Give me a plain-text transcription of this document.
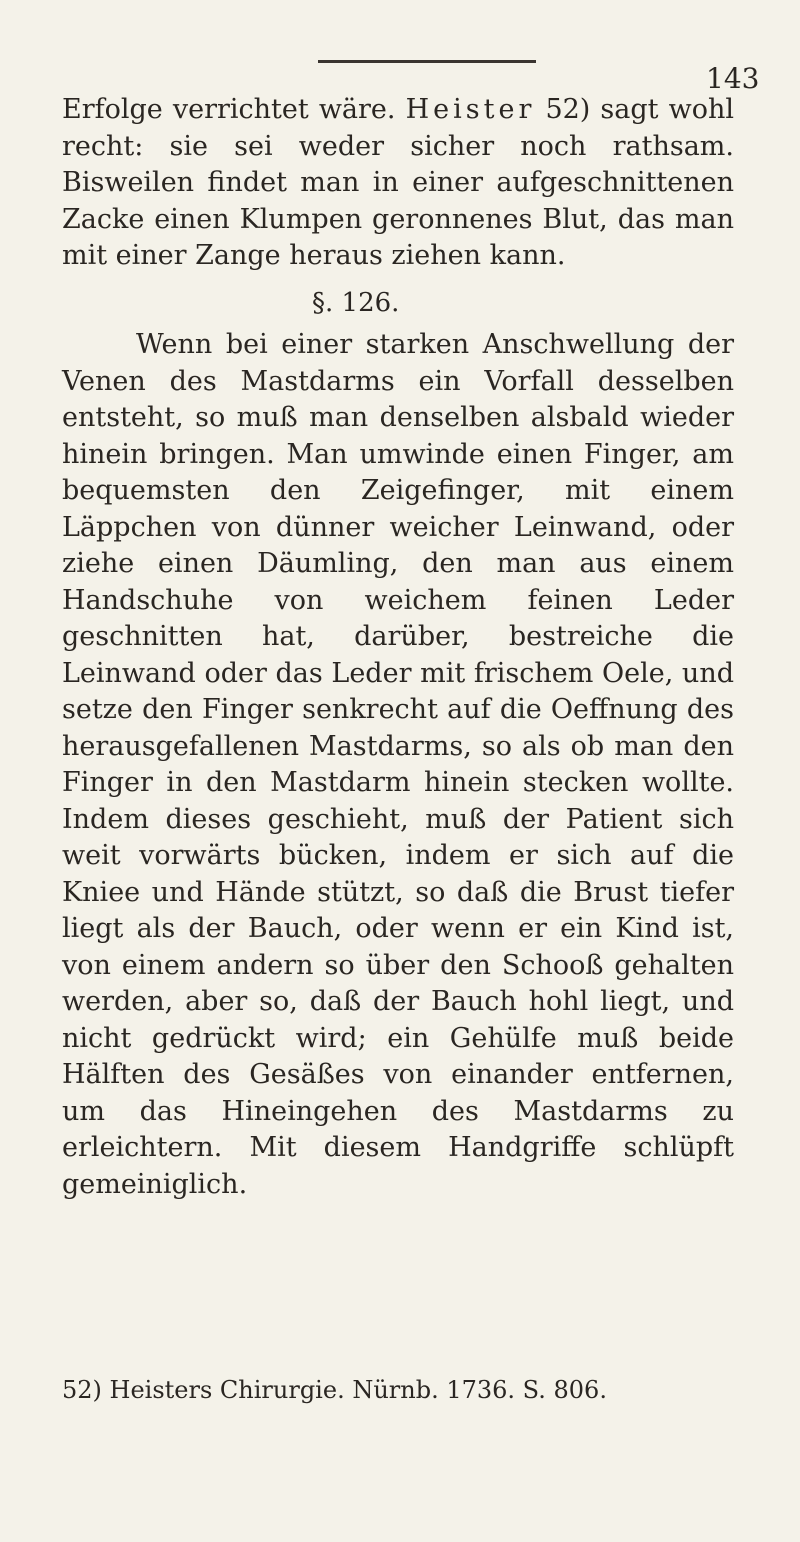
143

Erfolge verrichtet wäre. Heister 52) sagt wohl recht: sie sei weder sicher noch rathsam. Bisweilen findet man in einer aufgeschnittenen Zacke einen Klumpen geronnenes Blut, das man mit einer Zange heraus ziehen kann.

§. 126.

Wenn bei einer starken Anschwellung der Venen des Mastdarms ein Vorfall desselben entsteht, so muß man denselben alsbald wieder hinein bringen. Man umwinde einen Finger, am bequemsten den Zeigefinger, mit einem Läppchen von dünner weicher Leinwand, oder ziehe einen Däumling, den man aus einem Handschuhe von weichem feinen Leder geschnitten hat, darüber, bestreiche die Leinwand oder das Leder mit frischem Oele, und setze den Finger senkrecht auf die Oeffnung des herausgefallenen Mastdarms, so als ob man den Finger in den Mastdarm hinein stecken wollte. Indem dieses geschieht, muß der Patient sich weit vorwärts bücken, indem er sich auf die Kniee und Hände stützt, so daß die Brust tiefer liegt als der Bauch, oder wenn er ein Kind ist, von einem andern so über den Schooß gehalten werden, aber so, daß der Bauch hohl liegt, und nicht gedrückt wird; ein Gehülfe muß beide Hälften des Gesäßes von einander entfernen, um das Hineingehen des Mastdarms zu erleichtern. Mit diesem Handgriffe schlüpft gemeiniglich.

52) Heisters Chirurgie. Nürnb. 1736. S. 806.
